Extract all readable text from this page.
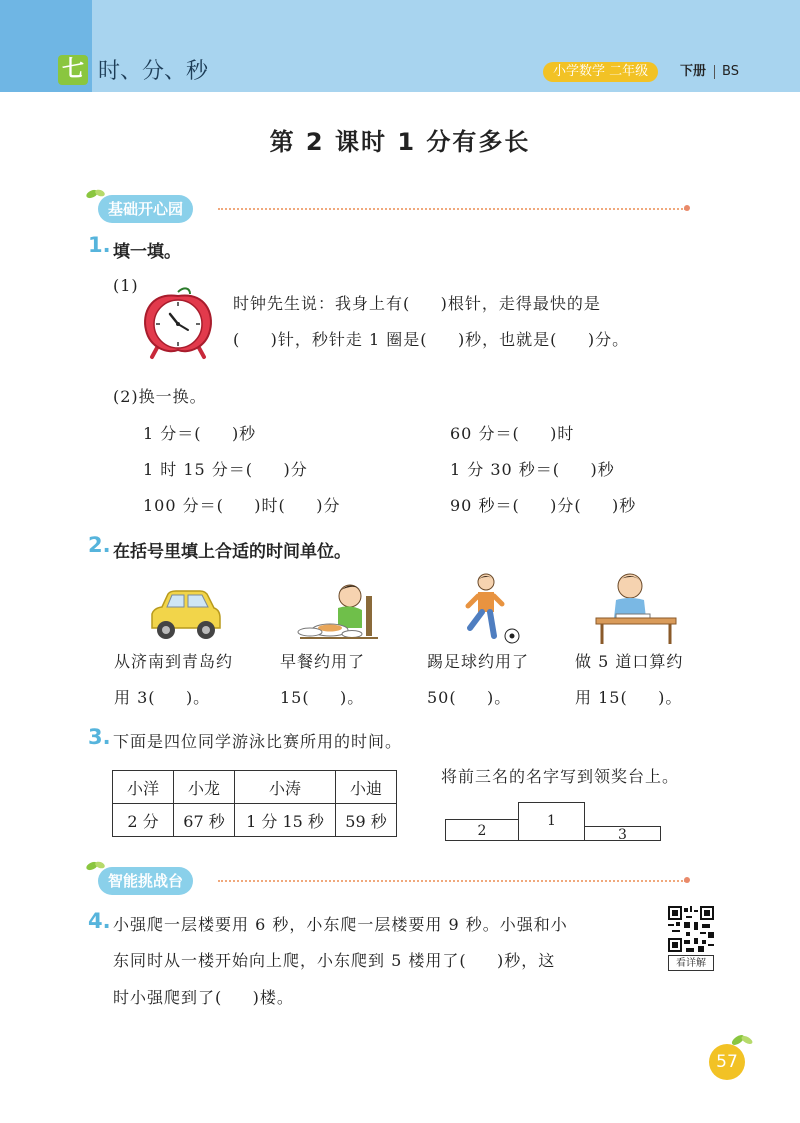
七 时、分、秒	小学数学 二年级	下册 BS
第 2 课时 1 分有多长
基础开心园
1. 填一填。
(1)
时钟先生说：我身上有(     )根针，走得最快的是
(     )针，秒针走 1 圈是(     )秒，也就是(     )分。
(2)换一换。
1 分＝(     )秒	60 分＝(     )时
1 时 15 分＝(     )分	1 分 30 秒＝(     )秒
100 分＝(     )时(     )分	90 秒＝(     )分(     )秒
2. 在括号里填上合适的时间单位。
从济南到青岛约
用 3(     )。
早餐约用了
15(     )。
踢足球约用了
50(     )。
做 5 道口算约
用 15(     )。
3. 下面是四位同学游泳比赛所用的时间。
小洋	小龙	小涛	小迪
2 分	67 秒	1 分 15 秒	59 秒
将前三名的名字写到领奖台上。
2
1
3
智能挑战台
4. 小强爬一层楼要用 6 秒，小东爬一层楼要用 9 秒。小强和小
东同时从一楼开始向上爬，小东爬到 5 楼用了(     )秒，这
时小强爬到了(     )楼。
看详解
57
